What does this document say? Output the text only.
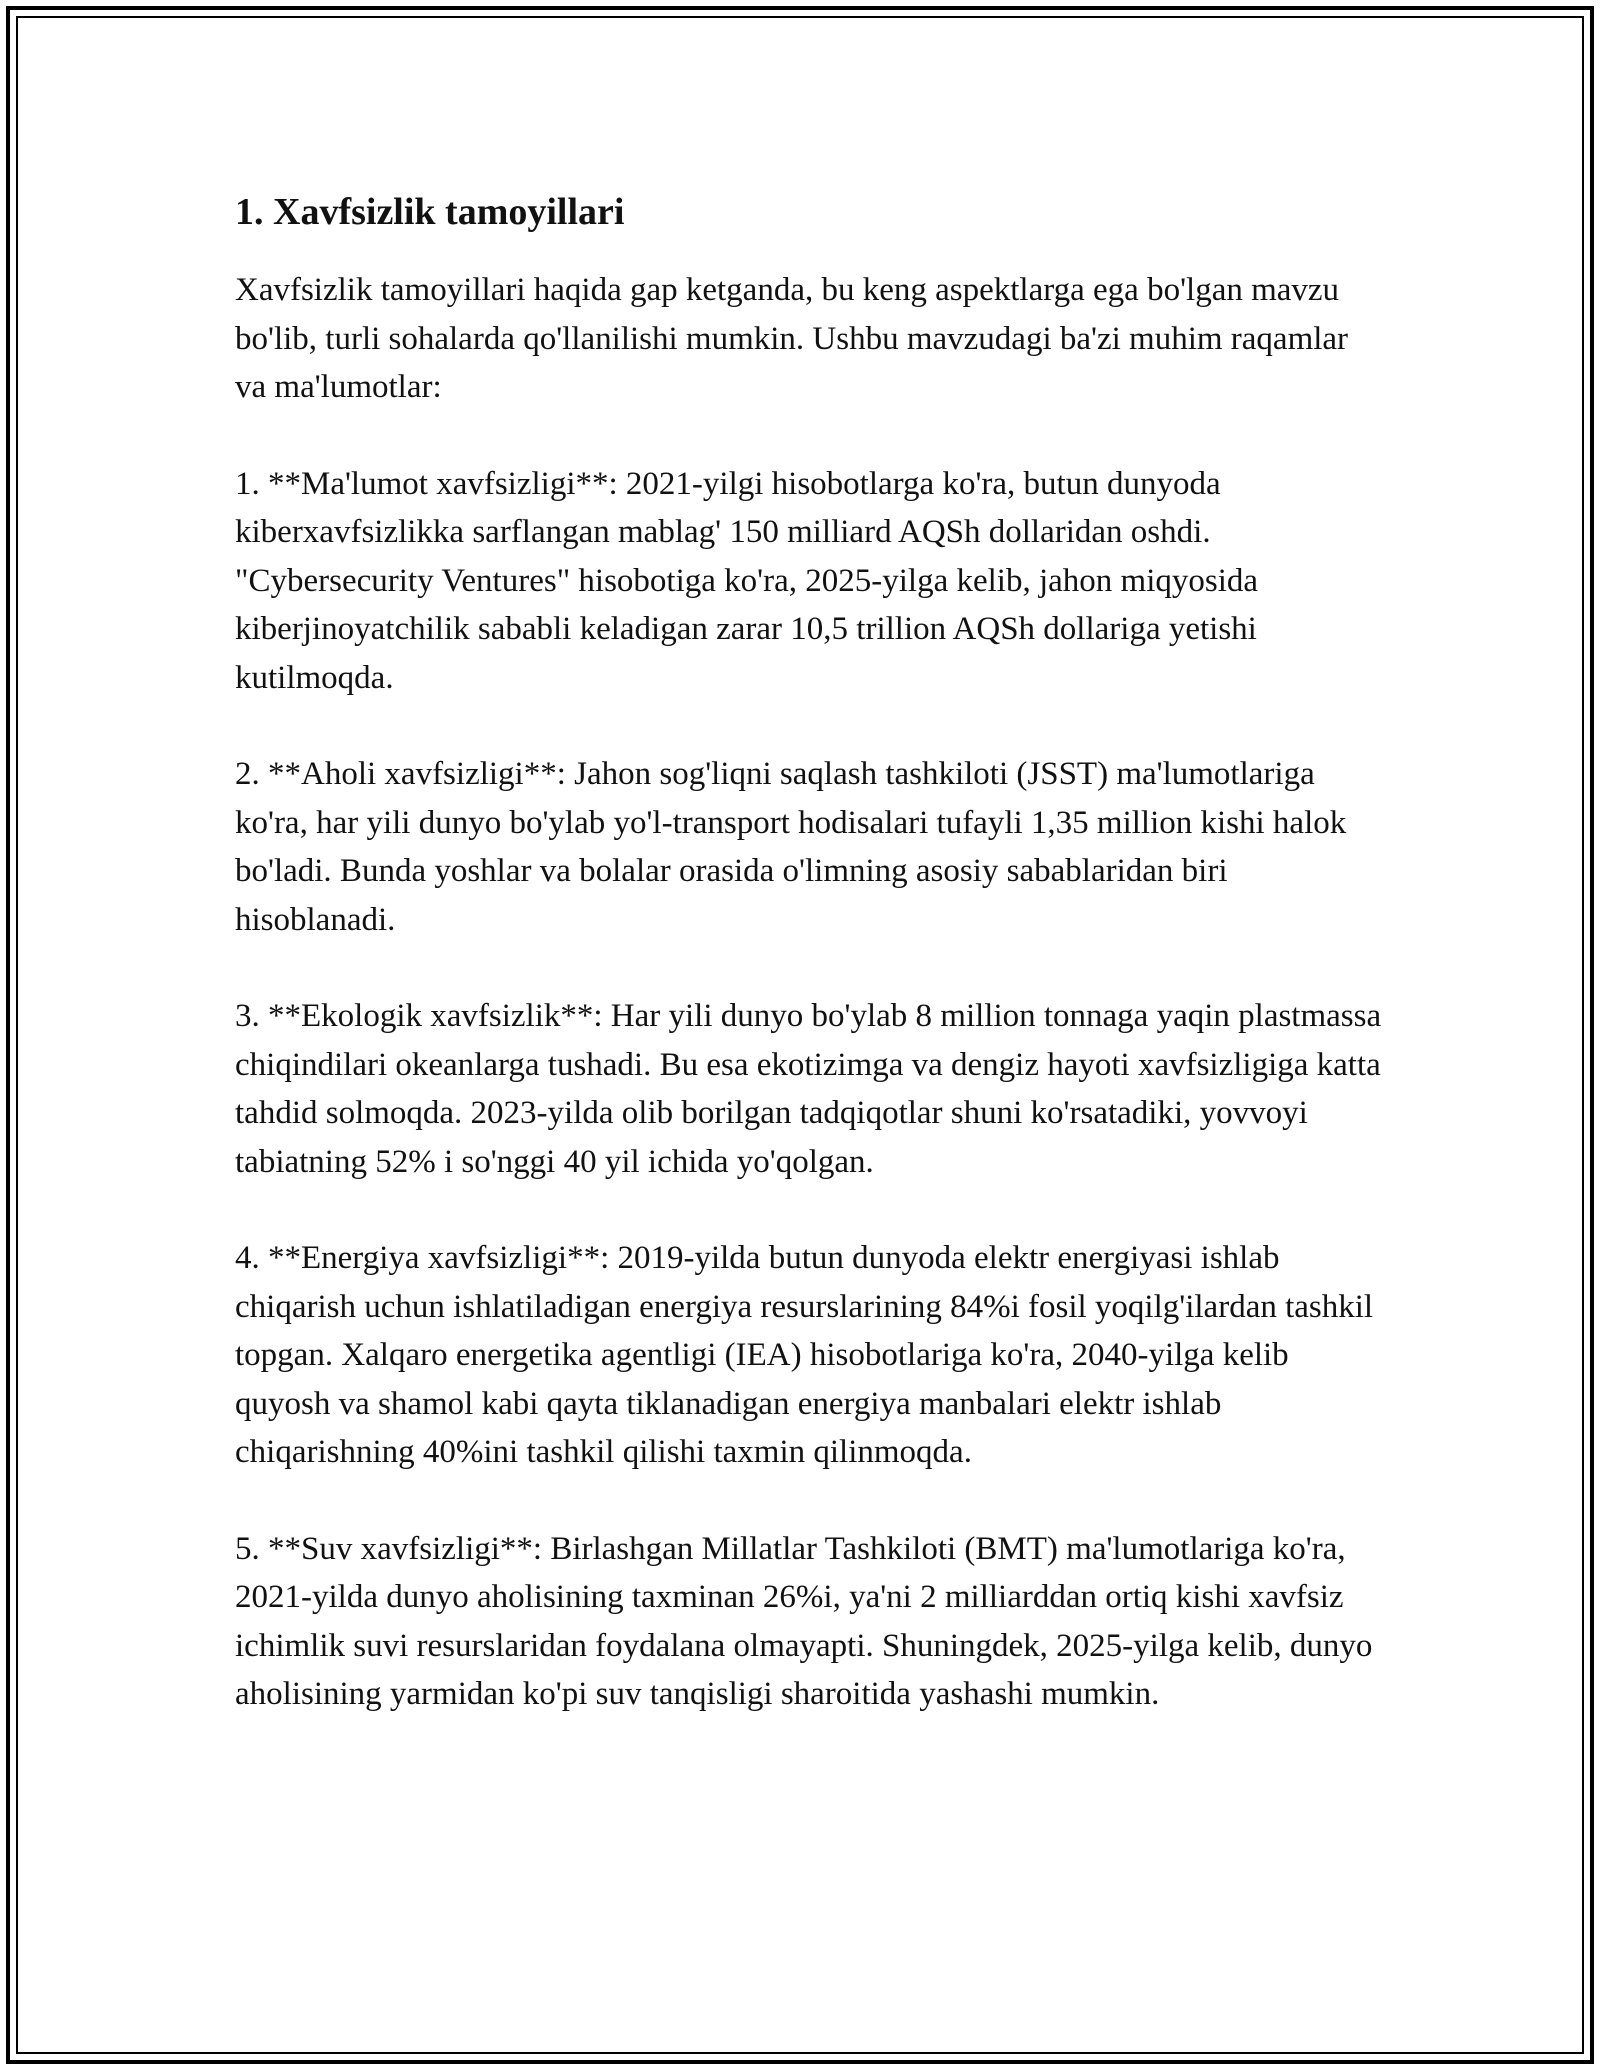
1. Xavfsizlik tamoyillari

Xavfsizlik tamoyillari haqida gap ketganda, bu keng aspektlarga ega bo'lgan mavzu bo'lib, turli sohalarda qo'llanilishi mumkin. Ushbu mavzudagi ba'zi muhim raqamlar va ma'lumotlar:

1. **Ma'lumot xavfsizligi**: 2021-yilgi hisobotlarga ko'ra, butun dunyoda kiberxavfsizlikka sarflangan mablag' 150 milliard AQSh dollaridan oshdi. "Cybersecurity Ventures" hisobotiga ko'ra, 2025-yilga kelib, jahon miqyosida kiberjinoyatchilik sababli keladigan zarar 10,5 trillion AQSh dollariga yetishi kutilmoqda.

2. **Aholi xavfsizligi**: Jahon sog'liqni saqlash tashkiloti (JSST) ma'lumotlariga ko'ra, har yili dunyo bo'ylab yo'l-transport hodisalari tufayli 1,35 million kishi halok bo'ladi. Bunda yoshlar va bolalar orasida o'limning asosiy sabablaridan biri hisoblanadi.

3. **Ekologik xavfsizlik**: Har yili dunyo bo'ylab 8 million tonnaga yaqin plastmassa chiqindilari okeanlarga tushadi. Bu esa ekotizimga va dengiz hayoti xavfsizligiga katta tahdid solmoqda. 2023-yilda olib borilgan tadqiqotlar shuni ko'rsatadiki, yovvoyi tabiatning 52% i so'nggi 40 yil ichida yo'qolgan.

4. **Energiya xavfsizligi**: 2019-yilda butun dunyoda elektr energiyasi ishlab chiqarish uchun ishlatiladigan energiya resurslarining 84%i fosil yoqilg'ilardan tashkil topgan. Xalqaro energetika agentligi (IEA) hisobotlariga ko'ra, 2040-yilga kelib quyosh va shamol kabi qayta tiklanadigan energiya manbalari elektr ishlab chiqarishning 40%ini tashkil qilishi taxmin qilinmoqda.

5. **Suv xavfsizligi**: Birlashgan Millatlar Tashkiloti (BMT) ma'lumotlariga ko'ra, 2021-yilda dunyo aholisining taxminan 26%i, ya'ni 2 milliarddan ortiq kishi xavfsiz ichimlik suvi resurslaridan foydalana olmayapti. Shuningdek, 2025-yilga kelib, dunyo aholisining yarmidan ko'pi suv tanqisligi sharoitida yashashi mumkin.
